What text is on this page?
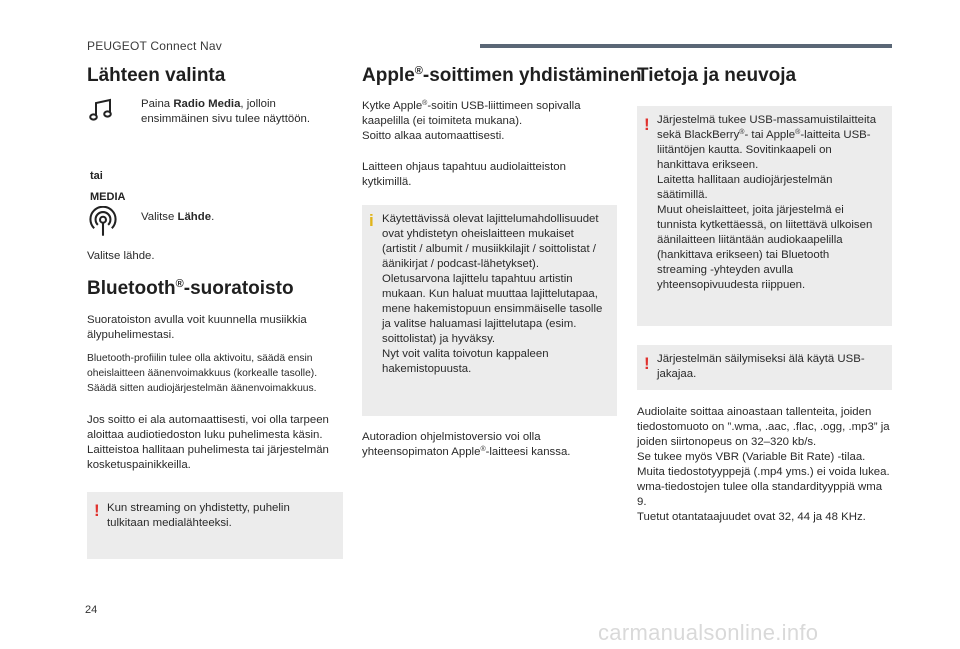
PEUGEOT Connect Nav
Lähteen valinta

Paina Radio Media, jolloin ensimmäinen sivu tulee näyttöön.

tai
MEDIA

Valitse Lähde.

Valitse lähde.

Bluetooth®-suoratoisto

Suoratoiston avulla voit kuunnella musiikkia älypuhelimestasi.

Bluetooth-profiilin tulee olla aktivoitu, säädä ensin oheislaitteen äänenvoimakkuus (korkealle tasolle). Säädä sitten audiojärjestelmän äänenvoimakkuus.

Jos soitto ei ala automaattisesti, voi olla tarpeen aloittaa audiotiedoston luku puhelimesta käsin.

Laitteistoa hallitaan puhelimesta tai järjestelmän kosketuspainikkeilla.

! Kun streaming on yhdistetty, puhelin tulkitaan medialähteeksi.

Apple®-soittimen yhdistäminen

Kytke Apple®-soitin USB-liittimeen sopivalla kaapelilla (ei toimiteta mukana).

Soitto alkaa automaattisesti.

Laitteen ohjaus tapahtuu audiolaitteiston kytkimillä.

i Käytettävissä olevat lajittelumahdollisuudet ovat yhdistetyn oheislaitteen mukaiset (artistit / albumit / musiikkilajit / soittolistat / äänikirjat / podcast-lähetykset).

Oletusarvona lajittelu tapahtuu artistin mukaan. Kun haluat muuttaa lajittelutapaa, mene hakemistopuun ensimmäiselle tasolle ja valitse haluamasi lajittelutapa (esim. soittolistat) ja hyväksy.

Nyt voit valita toivotun kappaleen hakemistopuusta.

Autoradion ohjelmistoversio voi olla yhteensopimaton Apple®-laitteesi kanssa.

Tietoja ja neuvoja
! Järjestelmä tukee USB-massamuistilaitteita sekä BlackBerry®- tai Apple®-laitteita USB-liitäntöjen kautta. Sovitinkaapeli on hankittava erikseen.

Laitetta hallitaan audiojärjestelmän säätimillä.

Muut oheislaitteet, joita järjestelmä ei tunnista kytkettäessä, on liitettävä ulkoisen äänilaitteen liitäntään audiokaapelilla (hankittava erikseen) tai Bluetooth streaming -yhteyden avulla yhteensopivuudesta riippuen.

! Järjestelmän säilymiseksi älä käytä USB-jakajaa.

Audiolaite soittaa ainoastaan tallenteita, joiden tiedostomuoto on ”.wma, .aac, .flac, .ogg, .mp3” ja joiden siirtonopeus on 32–320 kb/s.

Se tukee myös VBR (Variable Bit Rate) -tilaa.

Muita tiedostotyyppejä (.mp4 yms.) ei voida lukea.

wma-tiedostojen tulee olla standardityyppiä wma 9.

Tuetut otantataajuudet ovat 32, 44 ja 48 KHz.

24
carmanualsonline.info
